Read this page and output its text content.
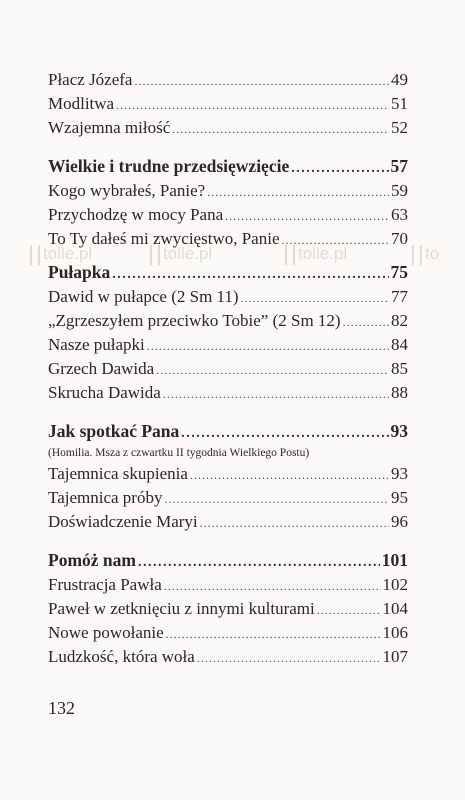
tolle.pl	tolle.pl	tolle.pl	to
Płacz Józefa .....	49
Modlitwa .....	51
Wzajemna miłość .....	52
Wielkie i trudne przedsięwzięcie .....	57
Kogo wybrałeś, Panie? .....	59
Przychodzę w mocy Pana .....	63
To Ty dałeś mi zwycięstwo, Panie .....	70
Pułapka .....	75
Dawid w pułapce (2 Sm 11) .....	77
„Zgrzeszyłem przeciwko Tobie” (2 Sm 12) .....	82
Nasze pułapki .....	84
Grzech Dawida .....	85
Skrucha Dawida .....	88
Jak spotkać Pana .....	93
(Homilia. Msza z czwartku II tygodnia Wielkiego Postu)
Tajemnica skupienia .....	93
Tajemnica próby .....	95
Doświadczenie Maryi .....	96
Pomóż nam .....	101
Frustracja Pawła .....	102
Paweł w zetknięciu z innymi kulturami .....	104
Nowe powołanie .....	106
Ludzkość, która woła .....	107
132
